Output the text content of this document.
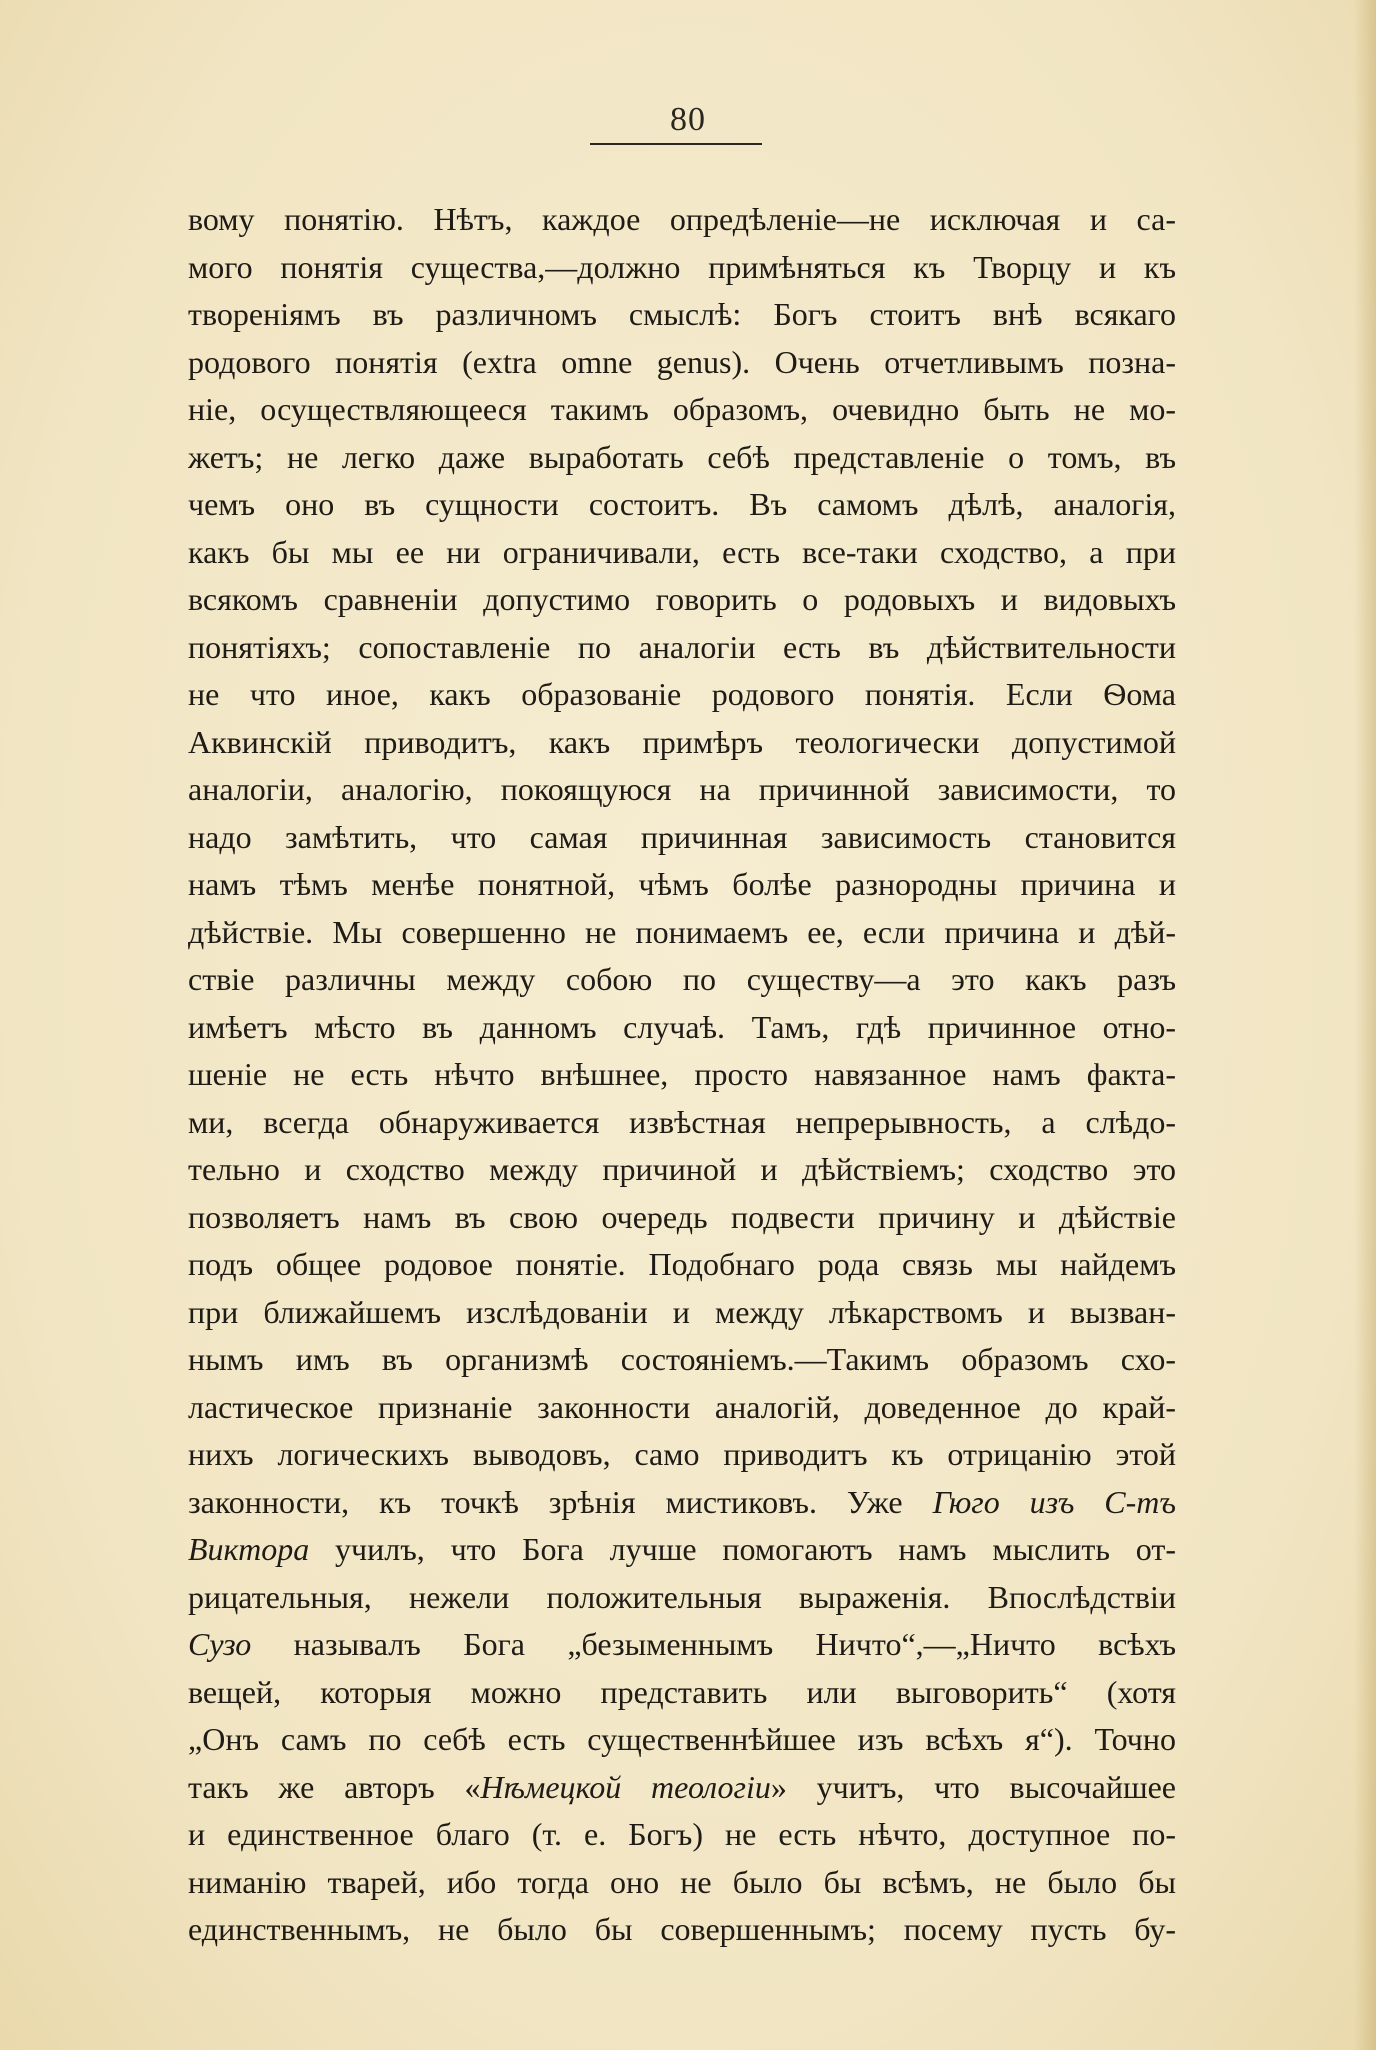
80
вому понятію. Нѣтъ, каждое опредѣленіе—не исключая и са-
мого понятія существа,—должно примѣняться къ Творцу и къ
твореніямъ въ различномъ смыслѣ: Богъ стоитъ внѣ всякаго
родового понятія (extra omne genus). Очень отчетливымъ позна-
ніе, осуществляющееся такимъ образомъ, очевидно быть не мо-
жетъ; не легко даже выработать себѣ представленіе о томъ, въ
чемъ оно въ сущности состоитъ. Въ самомъ дѣлѣ, аналогія,
какъ бы мы ее ни ограничивали, есть все-таки сходство, а при
всякомъ сравненіи допустимо говорить о родовыхъ и видовыхъ
понятіяхъ; сопоставленіе по аналогіи есть въ дѣйствительности
не что иное, какъ образованіе родового понятія. Если Ѳома
Аквинскій приводитъ, какъ примѣръ теологически допустимой
аналогіи, аналогію, покоящуюся на причинной зависимости, то
надо замѣтить, что самая причинная зависимость становится
намъ тѣмъ менѣе понятной, чѣмъ болѣе разнородны причина и
дѣйствіе. Мы совершенно не понимаемъ ее, если причина и дѣй-
ствіе различны между собою по существу—а это какъ разъ
имѣетъ мѣсто въ данномъ случаѣ. Тамъ, гдѣ причинное отно-
шеніе не есть нѣчто внѣшнее, просто навязанное намъ факта-
ми, всегда обнаруживается извѣстная непрерывность, а слѣдо-
тельно и сходство между причиной и дѣйствіемъ; сходство это
позволяетъ намъ въ свою очередь подвести причину и дѣйствіе
подъ общее родовое понятіе. Подобнаго рода связь мы найдемъ
при ближайшемъ изслѣдованіи и между лѣкарствомъ и вызван-
нымъ имъ въ организмѣ состояніемъ.—Такимъ образомъ схо-
ластическое признаніе законности аналогій, доведенное до край-
нихъ логическихъ выводовъ, само приводитъ къ отрицанію этой
законности, къ точкѣ зрѣнія мистиковъ. Уже Гюго изъ С-тъ
Виктора училъ, что Бога лучше помогаютъ намъ мыслить от-
рицательныя, нежели положительныя выраженія. Впослѣдствіи
Сузо называлъ Бога „безыменнымъ Ничто“,—„Ничто всѣхъ
вещей, которыя можно представить или выговорить“ (хотя
„Онъ самъ по себѣ есть существеннѣйшее изъ всѣхъ я“). Точно
такъ же авторъ «Нѣмецкой теологіи» учитъ, что высочайшее
и единственное благо (т. е. Богъ) не есть нѣчто, доступное по-
ниманію тварей, ибо тогда оно не было бы всѣмъ, не было бы
единственнымъ, не было бы совершеннымъ; посему пусть бу-
